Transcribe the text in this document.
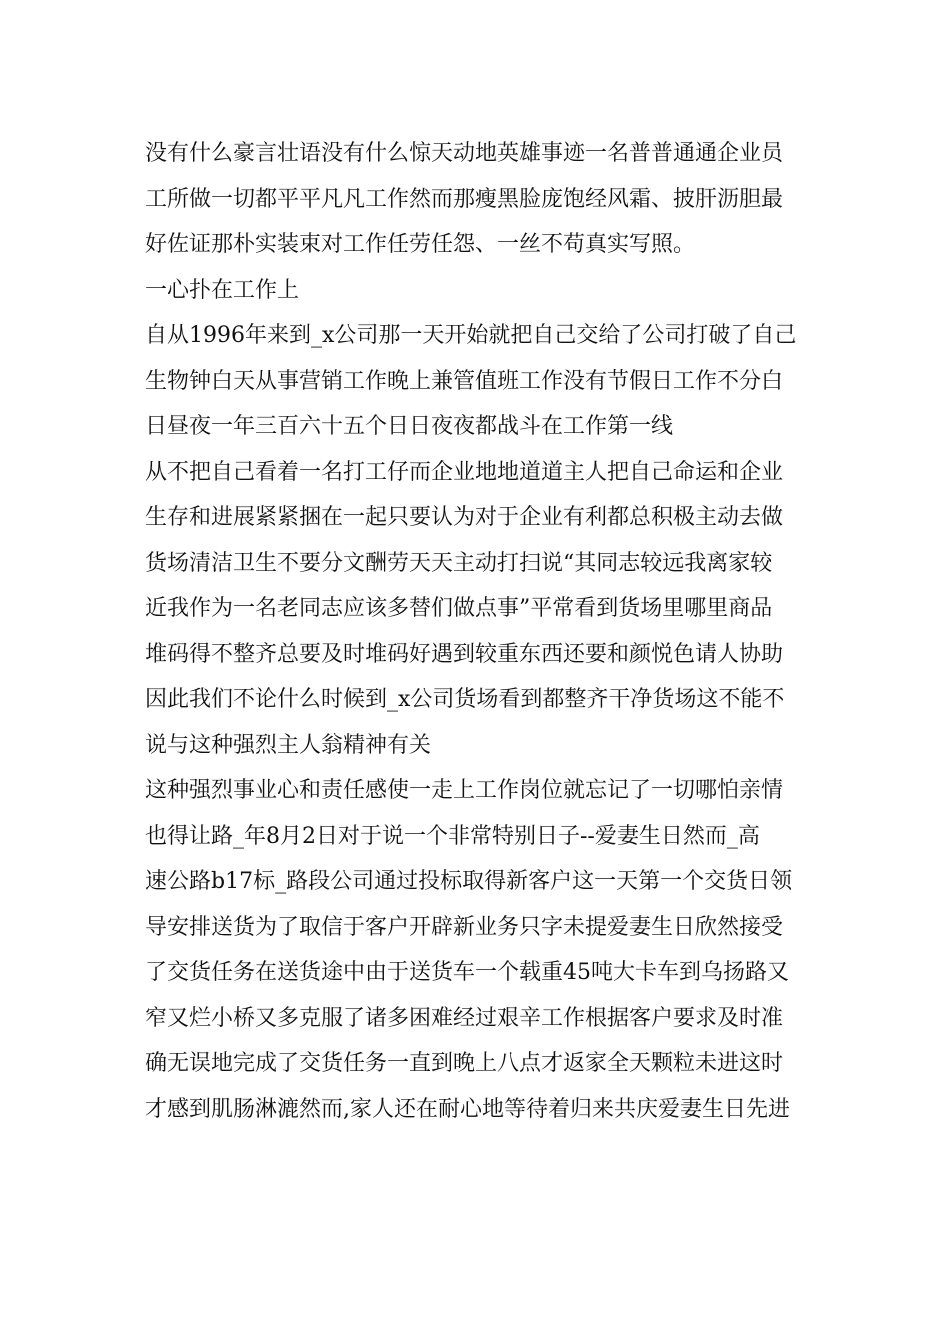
没有什么豪言壮语没有什么惊天动地英雄事迹一名普普通通企业员
工所做一切都平平凡凡工作然而那瘦黑脸庞饱经风霜、披肝沥胆最
好佐证那朴实装束对工作任劳任怨、一丝不苟真实写照。
一心扑在工作上
自从1996年来到_x公司那一天开始就把自己交给了公司打破了自己
生物钟白天从事营销工作晚上兼管值班工作没有节假日工作不分白
日昼夜一年三百六十五个日日夜夜都战斗在工作第一线
从不把自己看着一名打工仔而企业地地道道主人把自己命运和企业
生存和进展紧紧捆在一起只要认为对于企业有利都总积极主动去做
货场清洁卫生不要分文酬劳天天主动打扫说“其同志较远我离家较
近我作为一名老同志应该多替们做点事”平常看到货场里哪里商品
堆码得不整齐总要及时堆码好遇到较重东西还要和颜悦色请人协助
因此我们不论什么时候到_x公司货场看到都整齐干净货场这不能不
说与这种强烈主人翁精神有关
这种强烈事业心和责任感使一走上工作岗位就忘记了一切哪怕亲情
也得让路_年8月2日对于说一个非常特别日子--爱妻生日然而_高
速公路b17标_路段公司通过投标取得新客户这一天第一个交货日领
导安排送货为了取信于客户开辟新业务只字未提爱妻生日欣然接受
了交货任务在送货途中由于送货车一个载重45吨大卡车到乌扬路又
窄又烂小桥又多克服了诸多困难经过艰辛工作根据客户要求及时准
确无误地完成了交货任务一直到晚上八点才返家全天颗粒未进这时
才感到肌肠淋漉然而,家人还在耐心地等待着归来共庆爱妻生日先进
